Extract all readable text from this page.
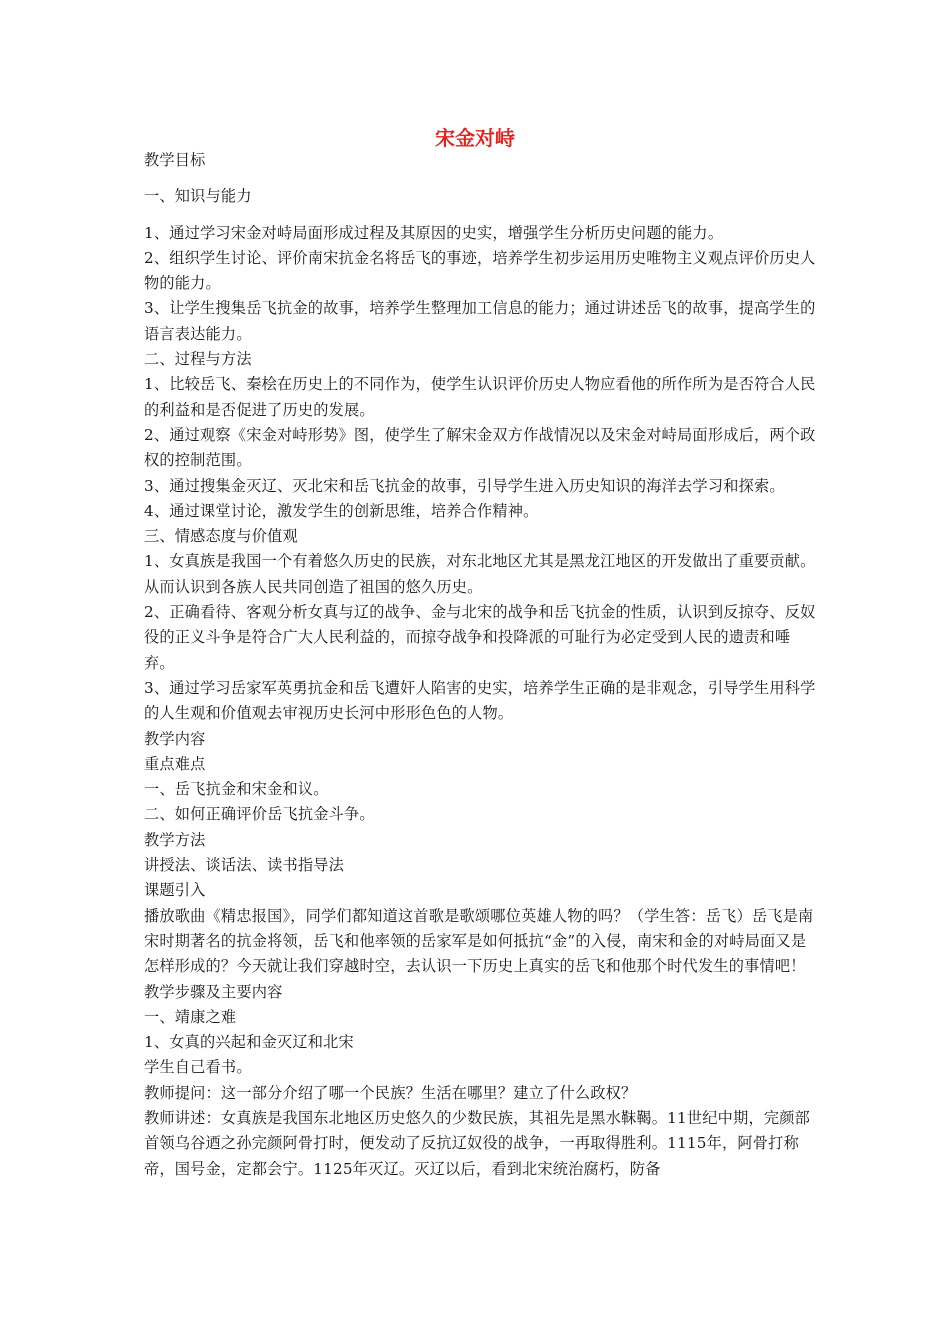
宋金对峙

教学目标

一、知识与能力

1、通过学习宋金对峙局面形成过程及其原因的史实，增强学生分析历史问题的能力。

2、组织学生讨论、评价南宋抗金名将岳飞的事迹，培养学生初步运用历史唯物主义观点评价历史人物的能力。

3、让学生搜集岳飞抗金的故事，培养学生整理加工信息的能力；通过讲述岳飞的故事，提高学生的语言表达能力。

二、过程与方法

1、比较岳飞、秦桧在历史上的不同作为，使学生认识评价历史人物应看他的所作所为是否符合人民的利益和是否促进了历史的发展。

2、通过观察《宋金对峙形势》图，使学生了解宋金双方作战情况以及宋金对峙局面形成后，两个政权的控制范围。

3、通过搜集金灭辽、灭北宋和岳飞抗金的故事，引导学生进入历史知识的海洋去学习和探索。

4、通过课堂讨论，激发学生的创新思维，培养合作精神。

三、情感态度与价值观

1、女真族是我国一个有着悠久历史的民族，对东北地区尤其是黑龙江地区的开发做出了重要贡献。从而认识到各族人民共同创造了祖国的悠久历史。

2、正确看待、客观分析女真与辽的战争、金与北宋的战争和岳飞抗金的性质，认识到反掠夺、反奴役的正义斗争是符合广大人民利益的，而掠夺战争和投降派的可耻行为必定受到人民的遗责和唾弃。

3、通过学习岳家军英勇抗金和岳飞遭奸人陷害的史实，培养学生正确的是非观念，引导学生用科学的人生观和价值观去审视历史长河中形形色色的人物。

教学内容

重点难点

一、岳飞抗金和宋金和议。

二、如何正确评价岳飞抗金斗争。

教学方法

讲授法、谈话法、读书指导法

课题引入

播放歌曲《精忠报国》，同学们都知道这首歌是歌颂哪位英雄人物的吗？（学生答：岳飞）岳飞是南宋时期著名的抗金将领，岳飞和他率领的岳家军是如何抵抗“金”的入侵，南宋和金的对峙局面又是怎样形成的？今天就让我们穿越时空，去认识一下历史上真实的岳飞和他那个时代发生的事情吧！

教学步骤及主要内容

一、靖康之难

1、女真的兴起和金灭辽和北宋

学生自己看书。

教师提问：这一部分介绍了哪一个民族？生活在哪里？建立了什么政权？

教师讲述：女真族是我国东北地区历史悠久的少数民族，其祖先是黑水靺鞨。11世纪中期，完颜部首领乌谷迺之孙完颜阿骨打时，便发动了反抗辽奴役的战争，一再取得胜利。1115年，阿骨打称帝，国号金，定都会宁。1125年灭辽。灭辽以后，看到北宋统治腐朽，防备
